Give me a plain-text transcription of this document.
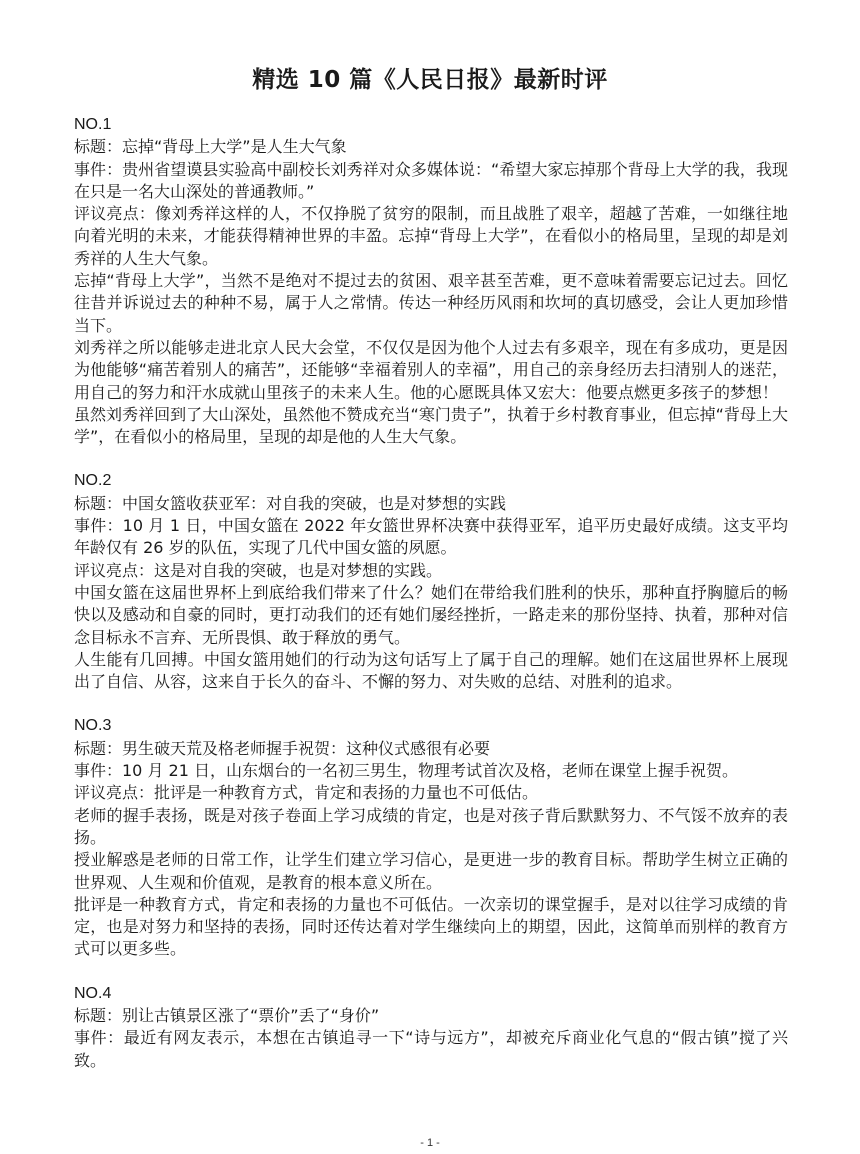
精选 10 篇《人民日报》最新时评

NO.1

标题：忘掉“背母上大学”是人生大气象

事件：贵州省望谟县实验高中副校长刘秀祥对众多媒体说：“希望大家忘掉那个背母上大学的我，我现在只是一名大山深处的普通教师。”

评议亮点：像刘秀祥这样的人，不仅挣脱了贫穷的限制，而且战胜了艰辛，超越了苦难，一如继往地向着光明的未来，才能获得精神世界的丰盈。忘掉“背母上大学”，在看似小的格局里，呈现的却是刘秀祥的人生大气象。

忘掉“背母上大学”，当然不是绝对不提过去的贫困、艰辛甚至苦难，更不意味着需要忘记过去。回忆往昔并诉说过去的种种不易，属于人之常情。传达一种经历风雨和坎坷的真切感受，会让人更加珍惜当下。

刘秀祥之所以能够走进北京人民大会堂，不仅仅是因为他个人过去有多艰辛，现在有多成功，更是因为他能够“痛苦着别人的痛苦”，还能够“幸福着别人的幸福”，用自己的亲身经历去扫清别人的迷茫，用自己的努力和汗水成就山里孩子的未来人生。他的心愿既具体又宏大：他要点燃更多孩子的梦想！

虽然刘秀祥回到了大山深处，虽然他不赞成充当“寒门贵子”，执着于乡村教育事业，但忘掉“背母上大学”，在看似小的格局里，呈现的却是他的人生大气象。

NO.2

标题：中国女篮收获亚军：对自我的突破，也是对梦想的实践

事件：10 月 1 日，中国女篮在 2022 年女篮世界杯决赛中获得亚军，追平历史最好成绩。这支平均年龄仅有 26 岁的队伍，实现了几代中国女篮的夙愿。

评议亮点：这是对自我的突破，也是对梦想的实践。

中国女篮在这届世界杯上到底给我们带来了什么？她们在带给我们胜利的快乐，那种直抒胸臆后的畅快以及感动和自豪的同时，更打动我们的还有她们屡经挫折，一路走来的那份坚持、执着，那种对信念目标永不言弃、无所畏惧、敢于释放的勇气。

人生能有几回搏。中国女篮用她们的行动为这句话写上了属于自己的理解。她们在这届世界杯上展现出了自信、从容，这来自于长久的奋斗、不懈的努力、对失败的总结、对胜利的追求。

NO.3

标题：男生破天荒及格老师握手祝贺：这种仪式感很有必要

事件：10 月 21 日，山东烟台的一名初三男生，物理考试首次及格，老师在课堂上握手祝贺。

评议亮点：批评是一种教育方式，肯定和表扬的力量也不可低估。

老师的握手表扬，既是对孩子卷面上学习成绩的肯定，也是对孩子背后默默努力、不气馁不放弃的表扬。

授业解惑是老师的日常工作，让学生们建立学习信心，是更进一步的教育目标。帮助学生树立正确的世界观、人生观和价值观，是教育的根本意义所在。

批评是一种教育方式，肯定和表扬的力量也不可低估。一次亲切的课堂握手，是对以往学习成绩的肯定，也是对努力和坚持的表扬，同时还传达着对学生继续向上的期望，因此，这简单而别样的教育方式可以更多些。

NO.4

标题：别让古镇景区涨了“票价”丢了“身价”

事件：最近有网友表示，本想在古镇追寻一下“诗与远方”，却被充斥商业化气息的“假古镇”搅了兴致。

- 1 -
